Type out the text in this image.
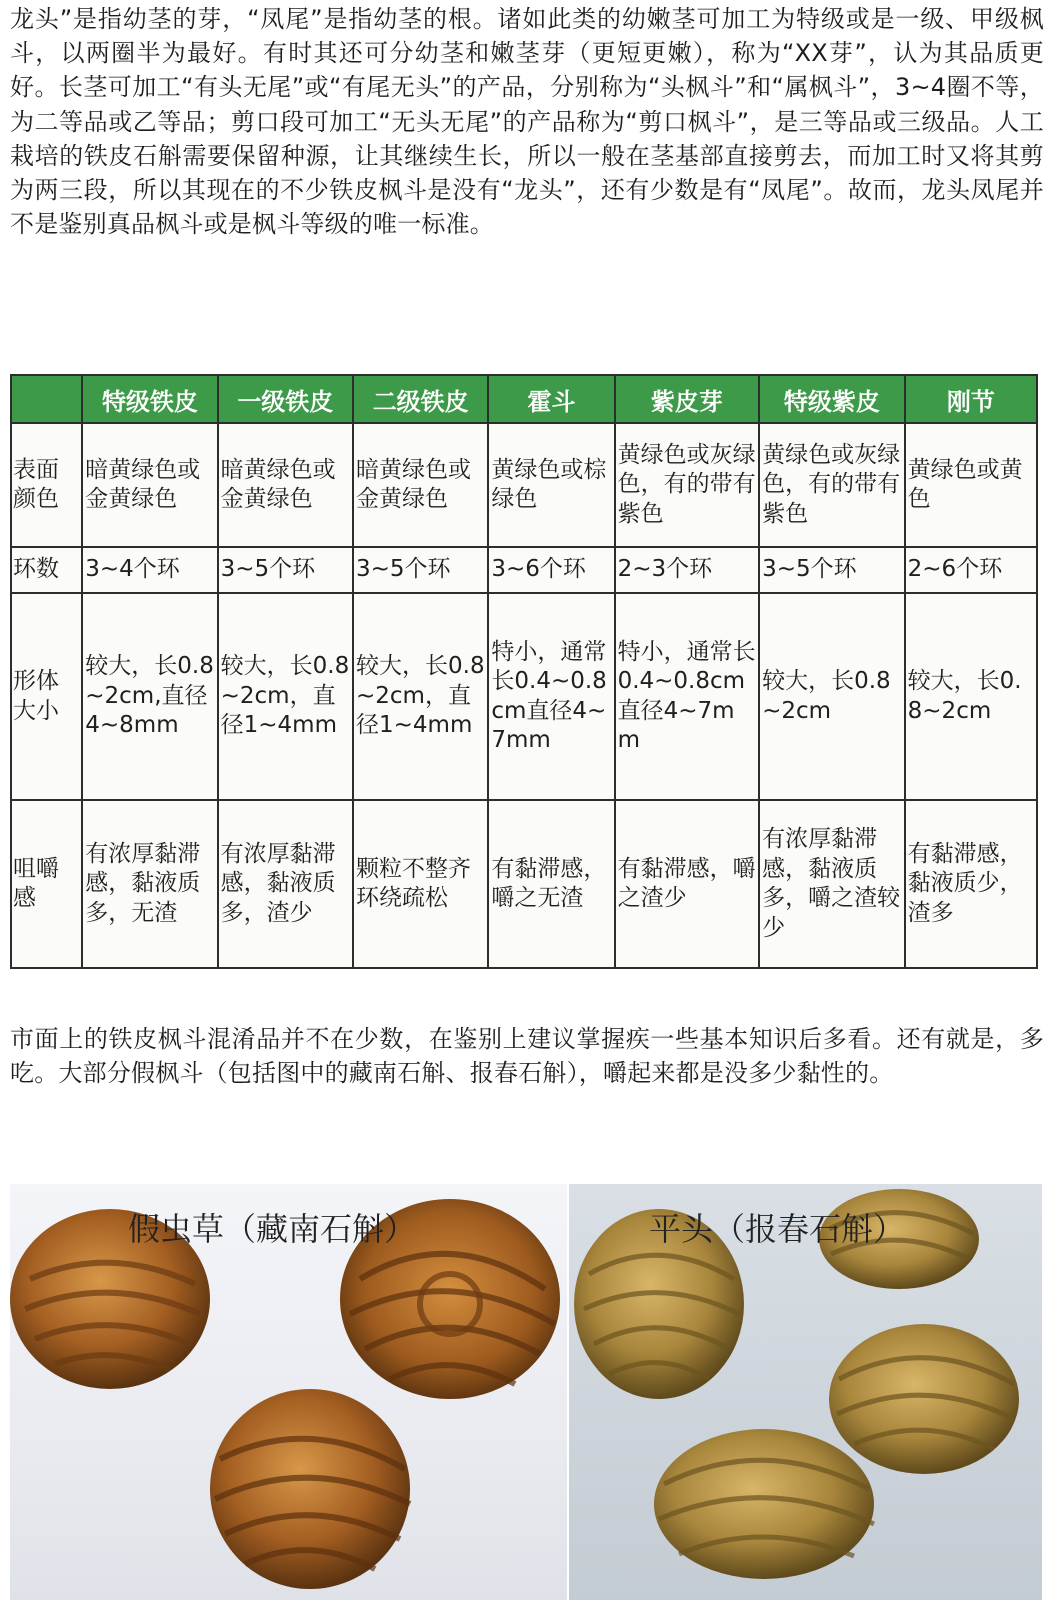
龙头”是指幼茎的芽，“凤尾”是指幼茎的根。诸如此类的幼嫩茎可加工为特级或是一级、甲级枫斗，以两圈半为最好。有时其还可分幼茎和嫩茎芽（更短更嫩），称为“XX芽”，认为其品质更好。长茎可加工“有头无尾”或“有尾无头”的产品，分别称为“头枫斗”和“属枫斗”，3~4圈不等，为二等品或乙等品；剪口段可加工“无头无尾”的产品称为“剪口枫斗”，是三等品或三级品。人工栽培的铁皮石斛需要保留种源，让其继续生长，所以一般在茎基部直接剪去，而加工时又将其剪为两三段，所以其现在的不少铁皮枫斗是没有“龙头”，还有少数是有“凤尾”。故而，龙头凤尾并不是鉴别真品枫斗或是枫斗等级的唯一标准。

	特级铁皮	一级铁皮	二级铁皮	霍斗	紫皮芽	特级紫皮	刚节
表面颜色	暗黄绿色或金黄绿色	暗黄绿色或金黄绿色	暗黄绿色或金黄绿色	黄绿色或棕绿色	黄绿色或灰绿色，有的带有紫色	黄绿色或灰绿色，有的带有紫色	黄绿色或黄色
环数	3~4个环	3~5个环	3~5个环	3~6个环	2~3个环	3~5个环	2~6个环
形体大小	较大，长0.8~2cm,直径4~8mm	较大，长0.8~2cm，直径1~4mm	较大，长0.8~2cm，直径1~4mm	特小，通常长0.4~0.8cm直径4~7mm	特小，通常长0.4~0.8cm直径4~7mm	较大，长0.8~2cm	较大，长0.8~2cm
咀嚼感	有浓厚黏滞感，黏液质多，无渣	有浓厚黏滞感，黏液质多，渣少	颗粒不整齐环绕疏松	有黏滞感，嚼之无渣	有黏滞感，嚼之渣少	有浓厚黏滞感，黏液质多，嚼之渣较少	有黏滞感，黏液质少，渣多

市面上的铁皮枫斗混淆品并不在少数，在鉴别上建议掌握疾一些基本知识后多看。还有就是，多吃。大部分假枫斗（包括图中的藏南石斛、报春石斛），嚼起来都是没多少黏性的。

假虫草（藏南石斛）	平头（报春石斛）
